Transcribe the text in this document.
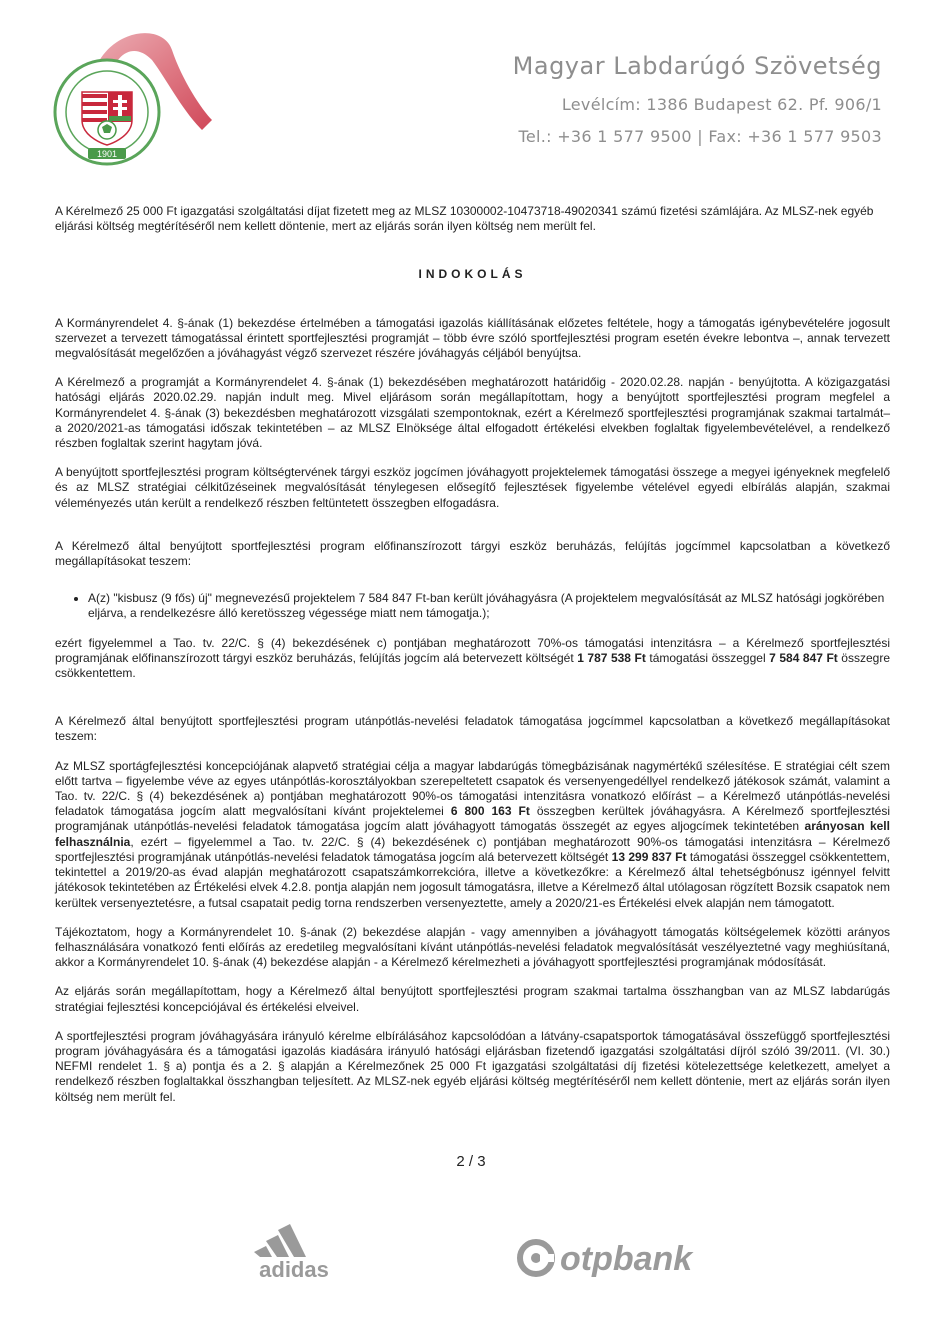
1901
Magyar Labdarúgó Szövetség
Levélcím: 1386 Budapest 62. Pf. 906/1
Tel.: +36 1 577 9500 | Fax: +36 1 577 9503

A Kérelmező 25 000 Ft igazgatási szolgáltatási díjat fizetett meg az MLSZ 10300002-10473718-49020341 számú fizetési számlájára. Az MLSZ-nek egyéb eljárási költség megtérítéséről nem kellett döntenie, mert az eljárás során ilyen költség nem merült fel.

INDOKOLÁS

A Kormányrendelet 4. §-ának (1) bekezdése értelmében a támogatási igazolás kiállításának előzetes feltétele, hogy a támogatás igénybevételére jogosult szervezet a tervezett támogatással érintett sportfejlesztési programját – több évre szóló sportfejlesztési program esetén évekre lebontva –, annak tervezett megvalósítását megelőzően a jóváhagyást végző szervezet részére jóváhagyás céljából benyújtsa.

A Kérelmező a programját a Kormányrendelet 4. §-ának (1) bekezdésében meghatározott határidőig - 2020.02.28. napján - benyújtotta. A közigazgatási hatósági eljárás 2020.02.29. napján indult meg. Mivel eljárásom során megállapítottam, hogy a benyújtott sportfejlesztési program megfelel a Kormányrendelet 4. §-ának (3) bekezdésben meghatározott vizsgálati szempontoknak, ezért a Kérelmező sportfejlesztési programjának szakmai tartalmát– a 2020/2021-as támogatási időszak tekintetében – az MLSZ Elnöksége által elfogadott értékelési elvekben foglaltak figyelembevételével, a rendelkező részben foglaltak szerint hagytam jóvá.

A benyújtott sportfejlesztési program költségtervének tárgyi eszköz jogcímen jóváhagyott projektelemek támogatási összege a megyei igényeknek megfelelő és az MLSZ stratégiai célkitűzéseinek megvalósítását ténylegesen elősegítő fejlesztések figyelembe vételével egyedi elbírálás alapján, szakmai véleményezés után került a rendelkező részben feltüntetett összegben elfogadásra.

A Kérelmező által benyújtott sportfejlesztési program előfinanszírozott tárgyi eszköz beruházás, felújítás jogcímmel kapcsolatban a következő megállapításokat teszem:

• A(z) "kisbusz (9 fős) új" megnevezésű projektelem 7 584 847 Ft-ban került jóváhagyásra (A projektelem megvalósítását az MLSZ hatósági jogkörében eljárva, a rendelkezésre álló keretösszeg végessége miatt nem támogatja.);

ezért figyelemmel a Tao. tv. 22/C. § (4) bekezdésének c) pontjában meghatározott 70%-os támogatási intenzitásra – a Kérelmező sportfejlesztési programjának előfinanszírozott tárgyi eszköz beruházás, felújítás jogcím alá betervezett költségét 1 787 538 Ft támogatási összeggel 7 584 847 Ft összegre csökkentettem.

A Kérelmező által benyújtott sportfejlesztési program utánpótlás-nevelési feladatok támogatása jogcímmel kapcsolatban a következő megállapításokat teszem:

Az MLSZ sportágfejlesztési koncepciójának alapvető stratégiai célja a magyar labdarúgás tömegbázisának nagymértékű szélesítése. E stratégiai célt szem előtt tartva – figyelembe véve az egyes utánpótlás-korosztályokban szerepeltetett csapatok és versenyengedéllyel rendelkező játékosok számát, valamint a Tao. tv. 22/C. § (4) bekezdésének a) pontjában meghatározott 90%-os támogatási intenzitásra vonatkozó előírást – a Kérelmező utánpótlás-nevelési feladatok támogatása jogcím alatt megvalósítani kívánt projektelemei 6 800 163 Ft összegben kerültek jóváhagyásra. A Kérelmező sportfejlesztési programjának utánpótlás-nevelési feladatok támogatása jogcím alatt jóváhagyott támogatás összegét az egyes aljogcímek tekintetében arányosan kell felhasználnia, ezért – figyelemmel a Tao. tv. 22/C. § (4) bekezdésének c) pontjában meghatározott 90%-os támogatási intenzitásra – Kérelmező sportfejlesztési programjának utánpótlás-nevelési feladatok támogatása jogcím alá betervezett költségét 13 299 837 Ft támogatási összeggel csökkentettem, tekintettel a 2019/20-as évad alapján meghatározott csapatszámkorrekcióra, illetve a következőkre: a Kérelmező által tehetségbónusz igénnyel felvitt játékosok tekintetében az Értékelési elvek 4.2.8. pontja alapján nem jogosult támogatásra, illetve a Kérelmező által utólagosan rögzített Bozsik csapatok nem kerültek versenyeztetésre, a futsal csapatait pedig torna rendszerben versenyeztette, amely a 2020/21-es Értékelési elvek alapján nem támogatott.

Tájékoztatom, hogy a Kormányrendelet 10. §-ának (2) bekezdése alapján - vagy amennyiben a jóváhagyott támogatás költségelemek közötti arányos felhasználására vonatkozó fenti előírás az eredetileg megvalósítani kívánt utánpótlás-nevelési feladatok megvalósítását veszélyeztetné vagy meghiúsítaná, akkor a Kormányrendelet 10. §-ának (4) bekezdése alapján - a Kérelmező kérelmezheti a jóváhagyott sportfejlesztési programjának módosítását.

Az eljárás során megállapítottam, hogy a Kérelmező által benyújtott sportfejlesztési program szakmai tartalma összhangban van az MLSZ labdarúgás stratégiai fejlesztési koncepciójával és értékelési elveivel.

A sportfejlesztési program jóváhagyására irányuló kérelme elbírálásához kapcsolódóan a látvány-csapatsportok támogatásával összefüggő sportfejlesztési program jóváhagyására és a támogatási igazolás kiadására irányuló hatósági eljárásban fizetendő igazgatási szolgáltatási díjról szóló 39/2011. (VI. 30.) NEFMI rendelet 1. § a) pontja és a 2. § alapján a Kérelmezőnek 25 000 Ft igazgatási szolgáltatási díj fizetési kötelezettsége keletkezett, amelyet a rendelkező részben foglaltakkal összhangban teljesített. Az MLSZ-nek egyéb eljárási költség megtérítéséről nem kellett döntenie, mert az eljárás során ilyen költség nem merült fel.

2 / 3
adidas	otpbank
